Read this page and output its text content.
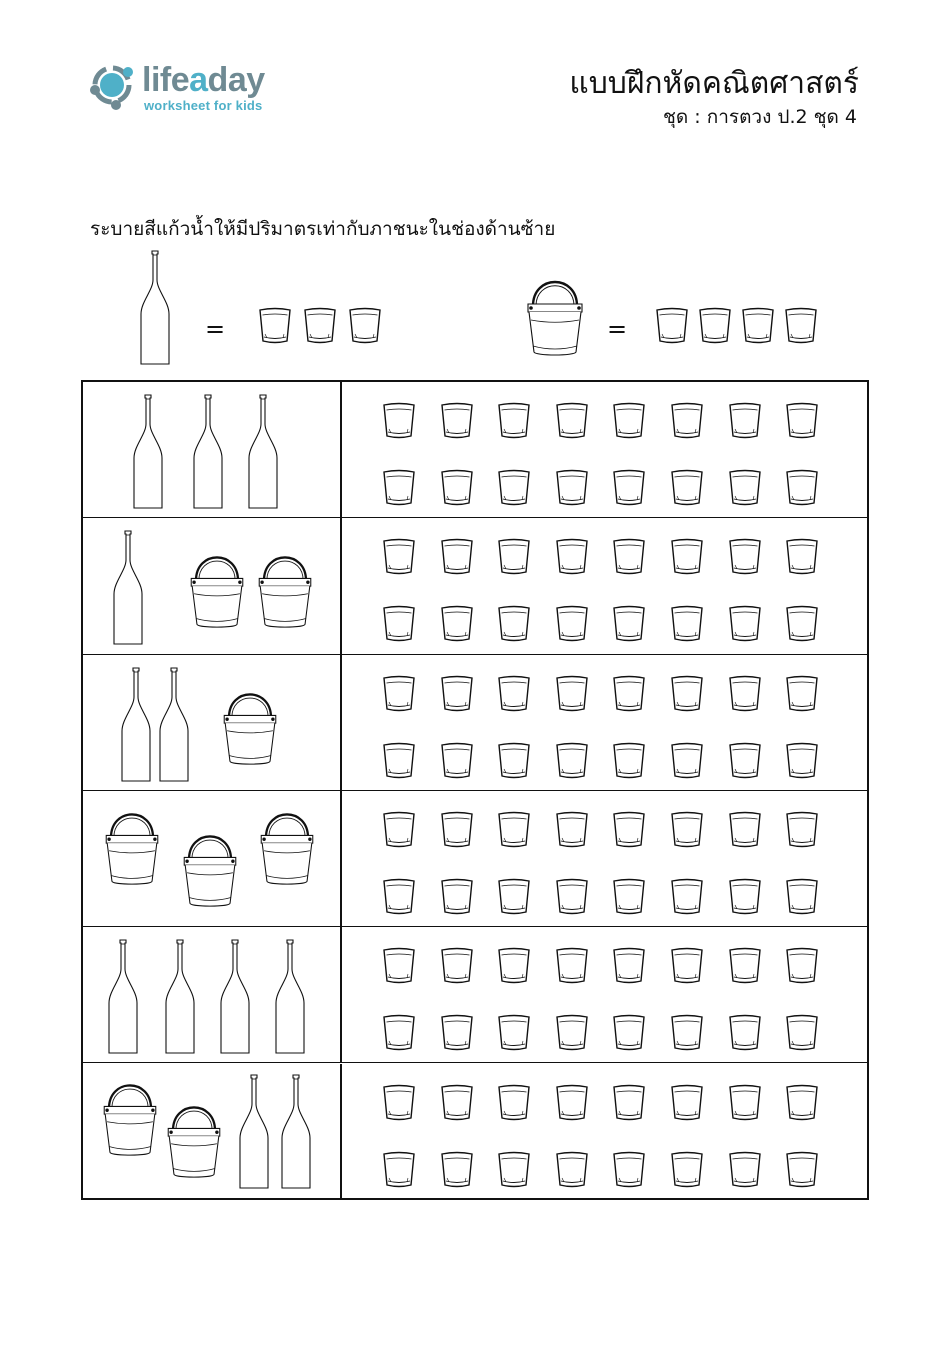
lifeaday
worksheet for kids
แบบฝึกหัดคณิตศาสตร์
ชุด : การตวง ป.2 ชุด 4
ระบายสีแก้วน้ำให้มีปริมาตรเท่ากับภาชนะในช่องด้านซ้าย
=	=
